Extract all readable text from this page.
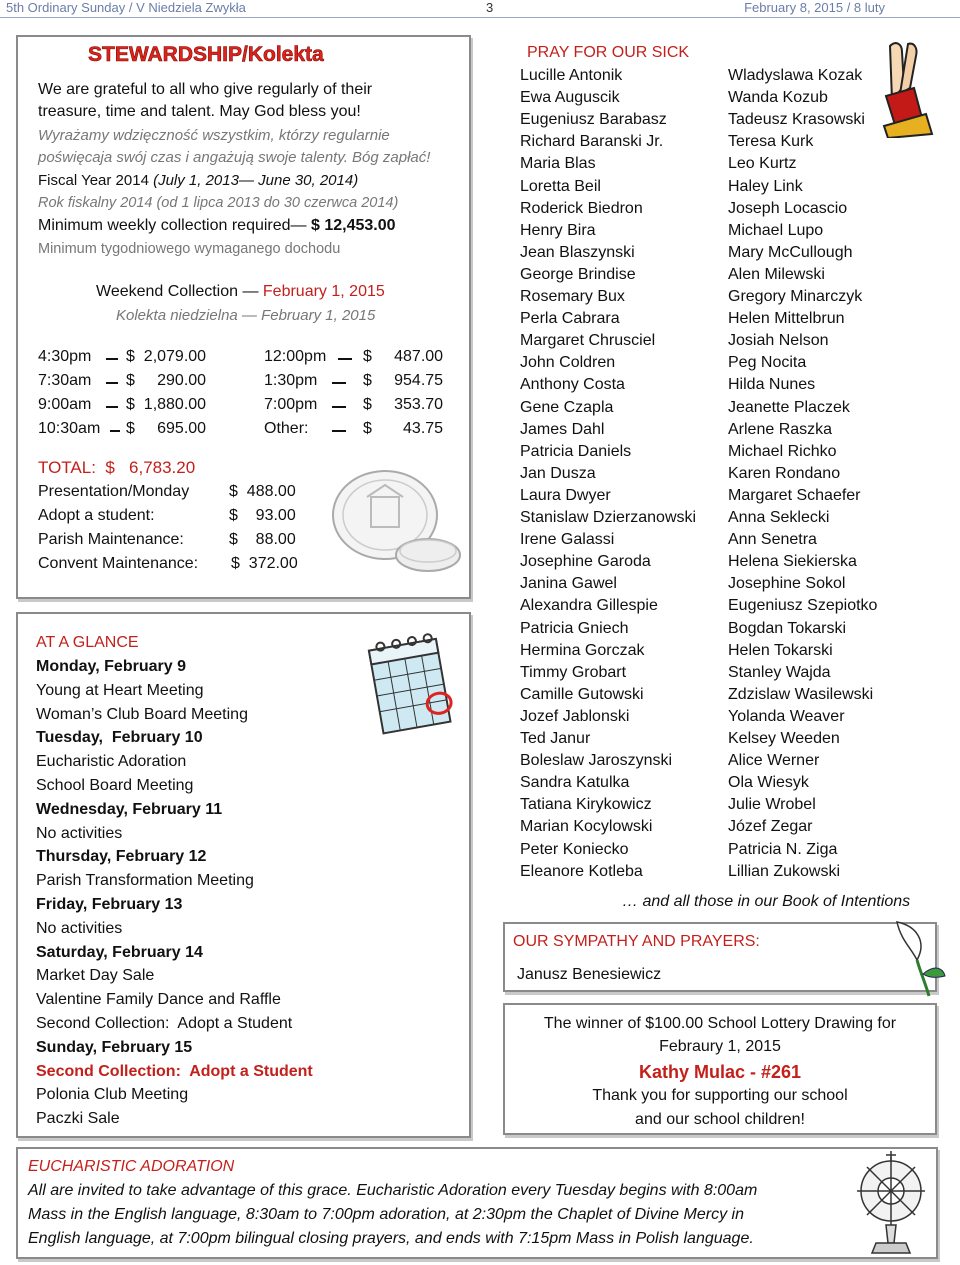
5th Ordinary Sunday / V Niedziela Zwykła	3	February 8, 2015 / 8 luty
STEWARDSHIP/Kolekta
We are grateful to all who give regularly of their
treasure, time and talent. May God bless you!
Wyrażamy wdzięczność wszystkim, którzy regularnie
poświęcaja swój czas i angażują swoje talenty. Bóg zapłać!
Fiscal Year 2014 (July 1, 2013— June 30, 2014)
Rok fiskalny 2014 (od 1 lipca 2013 do 30 czerwca 2014)
Minimum weekly collection required— $ 12,453.00
Minimum tygodniowego wymaganego dochodu
Weekend Collection — February 1, 2015
Kolekta niedzielna — February 1, 2015
4:30pm $  2,079.00	12:00pm $     487.00
7:30am $     290.00	1:30pm	$     954.75
9:00am $  1,880.00	7:00pm	$     353.70
10:30am $     695.00	Other:	$       43.75
TOTAL:  $   6,783.20
Presentation/Monday $  488.00
Adopt a student:	$    93.00
Parish Maintenance:	$    88.00
Convent Maintenance: $  372.00
AT A GLANCE
Monday, February 9
Young at Heart Meeting
Woman’s Club Board Meeting
Tuesday,  February 10
Eucharistic Adoration
School Board Meeting
Wednesday, February 11
No activities
Thursday, February 12
Parish Transformation Meeting
Friday, February 13
No activities
Saturday, February 14
Market Day Sale
Valentine Family Dance and Raffle
Second Collection:  Adopt a Student
Sunday, February 15
Second Collection:  Adopt a Student
Polonia Club Meeting
Paczki Sale
PRAY FOR OUR SICK
Lucille Antonik
Ewa Auguscik
Eugeniusz Barabasz
Richard Baranski Jr.
Maria Blas
Loretta Beil
Roderick Biedron
Henry Bira
Jean Blaszynski
George Brindise
Rosemary Bux
Perla Cabrara
Margaret Chrusciel
John Coldren
Anthony Costa
Gene Czapla
James Dahl
Patricia Daniels
Jan Dusza
Laura Dwyer
Stanislaw Dzierzanowski
Irene Galassi
Josephine Garoda
Janina Gawel
Alexandra Gillespie
Patricia Gniech
Hermina Gorczak
Timmy Grobart
Camille Gutowski
Jozef Jablonski
Ted Janur
Boleslaw Jaroszynski
Sandra Katulka
Tatiana Kirykowicz
Marian Kocylowski
Peter Koniecko
Eleanore Kotleba
Wladyslawa Kozak
Wanda Kozub
Tadeusz Krasowski
Teresa Kurk
Leo Kurtz
Haley Link
Joseph Locascio
Michael Lupo
Mary McCullough
Alen Milewski
Gregory Minarczyk
Helen Mittelbrun
Josiah Nelson
Peg Nocita
Hilda Nunes
Jeanette Placzek
Arlene Raszka
Michael Richko
Karen Rondano
Margaret Schaefer
Anna Seklecki
Ann Senetra
Helena Siekierska
Josephine Sokol
Eugeniusz Szepiotko
Bogdan Tokarski
Helen Tokarski
Stanley Wajda
Zdzislaw Wasilewski
Yolanda Weaver
Kelsey Weeden
Alice Werner
Ola Wiesyk
Julie Wrobel
Józef Zegar
Patricia N. Ziga
Lillian Zukowski
… and all those in our Book of Intentions
OUR SYMPATHY AND PRAYERS:
Janusz Benesiewicz
The winner of $100.00 School Lottery Drawing for
Febraury 1, 2015
Kathy Mulac - #261
Thank you for supporting our school
and our school children!
EUCHARISTIC ADORATION
All are invited to take advantage of this grace. Eucharistic Adoration every Tuesday begins with 8:00am
Mass in the English language, 8:30am to 7:00pm adoration, at 2:30pm the Chaplet of Divine Mercy in
English language, at 7:00pm bilingual closing prayers, and ends with 7:15pm Mass in Polish language.
